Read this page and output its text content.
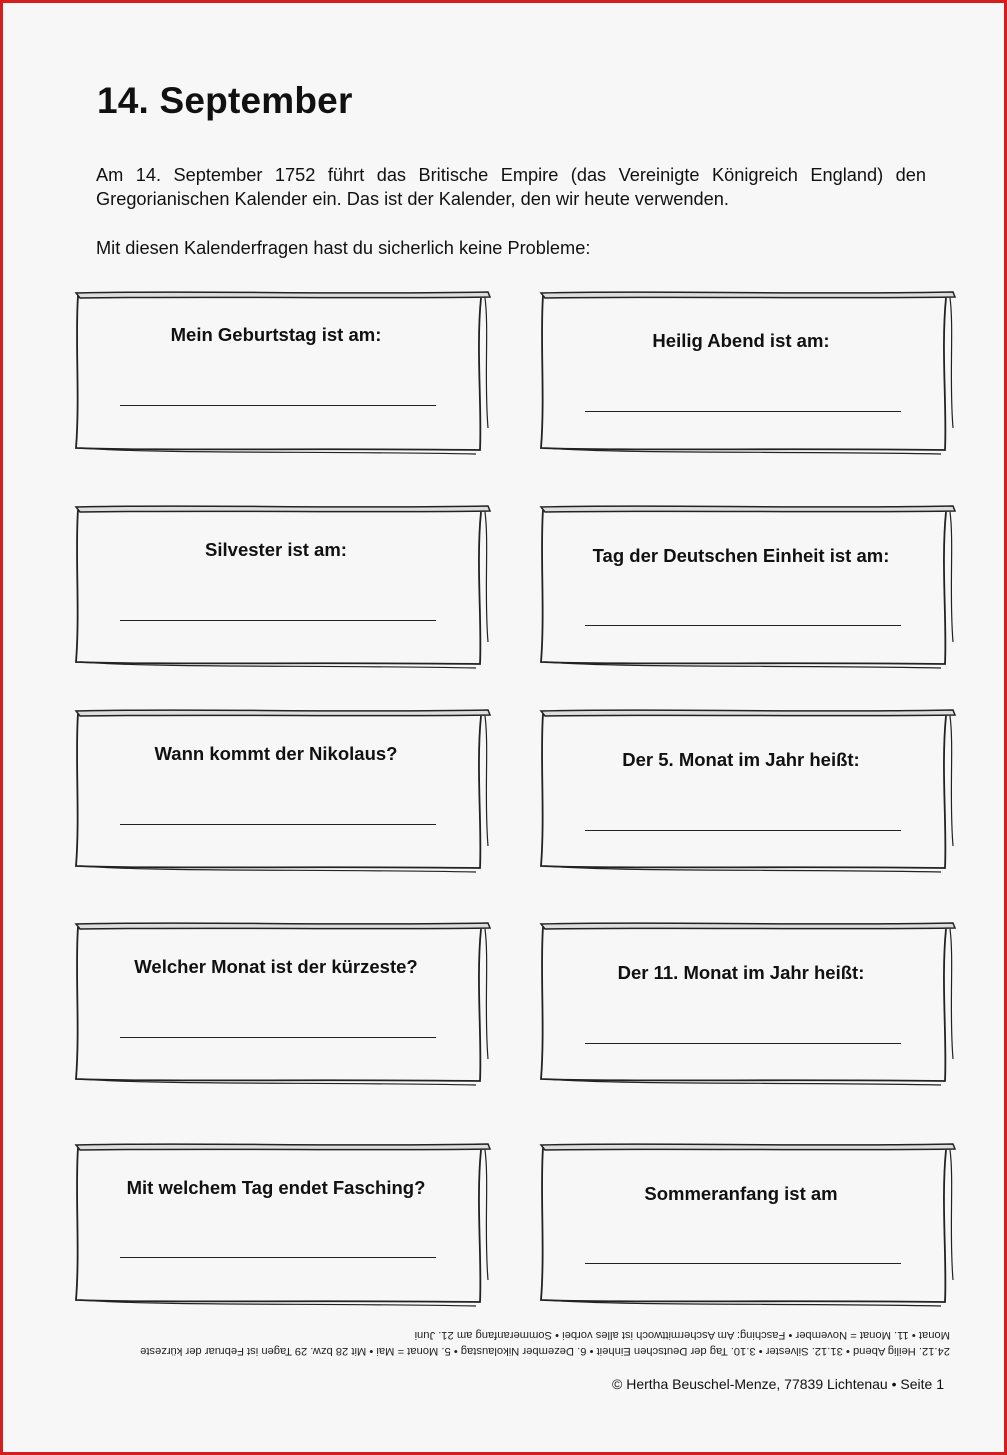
14. September

Am 14. September 1752 führt das Britische Empire (das Vereinigte Königreich England) den Gregorianischen Kalender ein. Das ist der Kalender, den wir heute verwenden.

Mit diesen Kalenderfragen hast du sicherlich keine Probleme:

Mein Geburtstag ist am:	Heilig Abend ist am:
Silvester ist am:	Tag der Deutschen Einheit ist am:
Wann kommt der Nikolaus?	Der 5. Monat im Jahr heißt:
Welcher Monat ist der kürzeste?	Der 11. Monat im Jahr heißt:
Mit welchem Tag endet Fasching?	Sommeranfang ist am

24.12. Heilig Abend • 31.12. Silvester • 3.10. Tag der Deutschen Einheit • 6. Dezember Nikolaustag • 5. Monat = Mai • Mit 28 bzw. 29 Tagen ist Februar der kürzeste Monat • 11. Monat = November • Fasching: Am Aschermittwoch ist alles vorbei • Sommeranfang am 21. Juni

© Hertha Beuschel-Menze, 77839 Lichtenau • Seite 1
